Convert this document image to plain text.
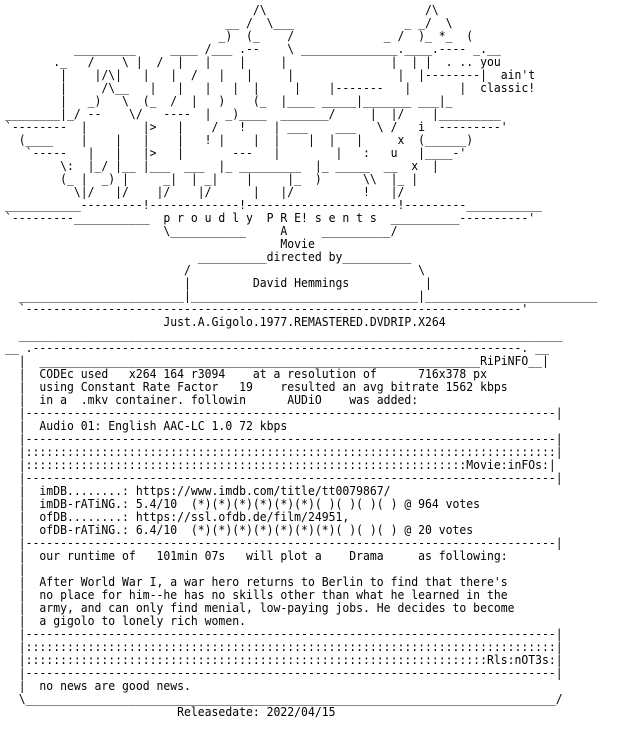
/\                       /\
__ /  \___                _ _/  \
_)  (_    /             _ /  )_ *_  (
_________     ____ /___ .--    \ ______________.____.---- _.__
._   /    \ |  /  |   |    |     |               |  | |  . .. you
|    |/\|   |   |  /   |   |     |               |  |--------|  ain't
|     /\__   |   |   |   |  |     |    |-------   |       |  classic!
|   _)   \  (_  /  |   )    (_  |____ _____|_______ ___|_
________|_/ --    \/   ----  |  _)____  _______/     |  |/    |_________
`--------  |        |>   |    /   !    | ___    ___   \ /   i  ---------'
(____    |    |   |    |   ! |    |  |    |  |   |     x  (______)
`-----   |   |   |>   |       ---   |        |   :   u   |____-'
\:  |_/ |__ |___  ___  |_ _________  |_ _____  __  x  |
(_ |  _) |     _|  | _|    |     |_  )      \\  |_ |
\|/   |/    |/    |/      |   |/          !   |/
___________---------!-------------!----------------------!---------___________
`---------___________  p r o u d l y  P R E! s e n t s  __________----------'
\___________     A     __________/
Movie
__________directed by__________
/                                 \
|         David Hemmings           |
________________________|_________________________________|_________________________
`------------------------------------------------------------------------'
Just.A.Gigolo.1977.REMASTERED.DVDRIP.X264
_______________________________________________________________________________
__ .-----------------------------------------------------------------------. __
|  ________________________________________________________________RiPiNFO__|
|  CODEc used   x264 164 r3094    at a resolution of      716x378 px
|  using Constant Rate Factor   19    resulted an avg bitrate 1562 kbps
|  in a  .mkv container. followin      AUDiO    was added:
|-----------------------------------------------------------------------------|
|  Audio 01: English AAC-LC 1.0 72 kbps
|-----------------------------------------------------------------------------|
|:::::::::::::::::::::::::::::::::::::::::::::::::::::::::::::::::::::::::::::|
|::::::::::::::::::::::::::::::::::::::::::::::::::::::::::::::::Movie:inFOs:|
|-----------------------------------------------------------------------------|
|  imDB........: https://www.imdb.com/title/tt0079867/
|  imDB-rATiNG.: 5.4/10  (*)(*)(*)(*)(*)(*)( )( )( )( ) @ 964 votes
|  ofDB........: https://ssl.ofdb.de/film/24951,
|  ofDB-rATiNG.: 6.4/10  (*)(*)(*)(*)(*)(*)(*)( )( )( ) @ 20 votes
|-----------------------------------------------------------------------------|
|  our runtime of   101min 07s   will plot a    Drama     as following:
|
|  After World War I, a war hero returns to Berlin to find that there's
|  no place for him--he has no skills other than what he learned in the
|  army, and can only find menial, low-paying jobs. He decides to become
|  a gigolo to lonely rich women.
|-----------------------------------------------------------------------------|
|:::::::::::::::::::::::::::::::::::::::::::::::::::::::::::::::::::::::::::::|
|:::::::::::::::::::::::::::::::::::::::::::::::::::::::::::::::::::Rls:nOT3s:|
|-----------------------------------------------------------------------------|
|  no news are good news.
\_____________________________________________________________________________/
Releasedate: 2022/04/15
